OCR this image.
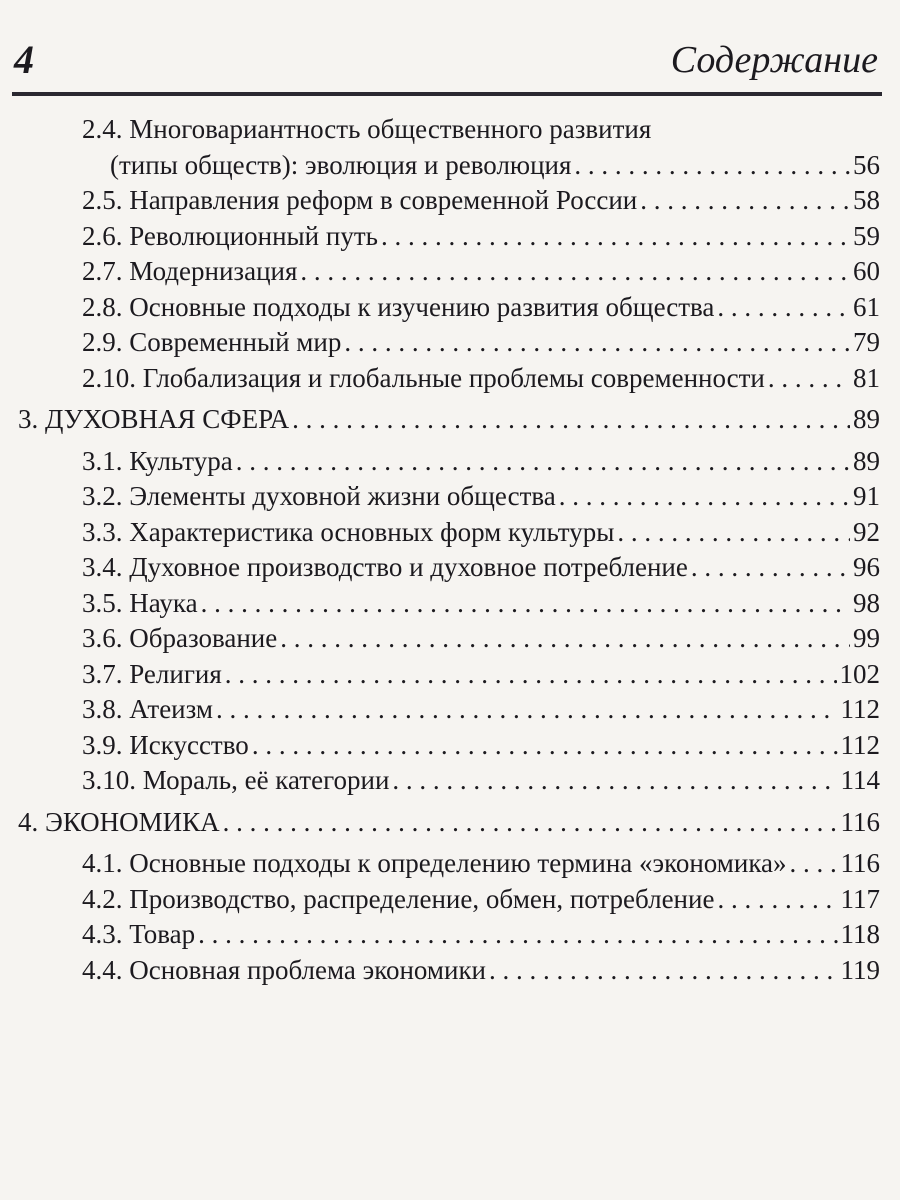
4	Содержание
2.4. Многовариантность общественного развития
(типы обществ): эволюция и революция . . .	56
2.5. Направления реформ в современной России . . .	58
2.6. Революционный путь . . .	59
2.7. Модернизация . . .	60
2.8. Основные подходы к изучению развития общества . . .	61
2.9. Современный мир . . .	79
2.10. Глобализация и глобальные проблемы современности . . .	81
3. ДУХОВНАЯ СФЕРА . . .	89
3.1. Культура . . .	89
3.2. Элементы духовной жизни общества . . .	91
3.3. Характеристика основных форм культуры . . .	92
3.4. Духовное производство и духовное потребление . . .	96
3.5. Наука . . .	98
3.6. Образование . . .	99
3.7. Религия . . .	102
3.8. Атеизм . . .	112
3.9. Искусство . . .	112
3.10. Мораль, её категории . . .	114
4. ЭКОНОМИКА . . .	116
4.1. Основные подходы к определению термина «экономика» . . . 116
4.2. Производство, распределение, обмен, потребление . . .	117
4.3. Товар . . .	118
4.4. Основная проблема экономики . . .	119
